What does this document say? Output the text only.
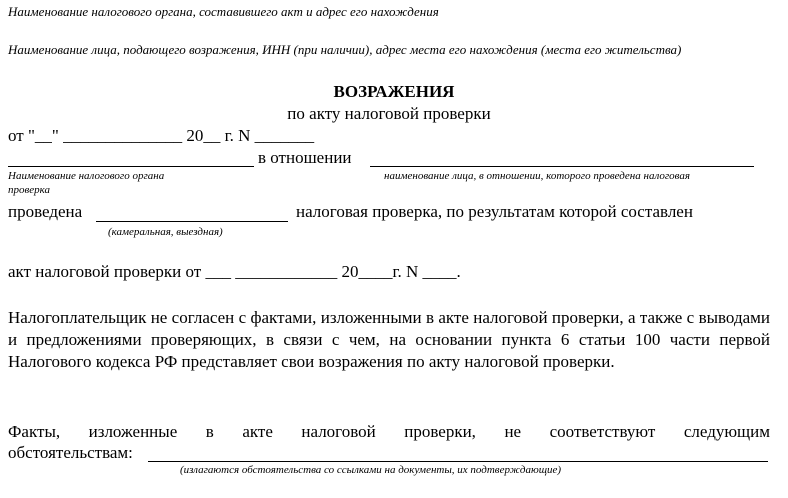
Наименование налогового органа, составившего акт и адрес его нахождения
Наименование лица, подающего возражения, ИНН (при наличии), адрес места его нахождения (места его жительства)
ВОЗРАЖЕНИЯ
по акту налоговой проверки
от "__" ______________ 20__ г. N _______
в отношении
Наименование налогового органа	наименование лица, в отношении, которого проведена налоговая
проверка
проведена	налоговая проверка, по результатам которой составлен
(камеральная, выездная)
акт налоговой проверки от ___ ____________ 20____г. N ____.
Налогоплательщик не согласен с фактами, изложенными в акте налоговой проверки, а также с выводами и предложениями проверяющих, в связи с чем, на основании пункта 6 статьи 100 части первой Налогового кодекса РФ представляет свои возражения по акту налоговой проверки.
Факты, изложенные в акте налоговой проверки, не соответствуют следующим
обстоятельствам:
(излагаются обстоятельства со ссылками на документы, их подтверждающие)
